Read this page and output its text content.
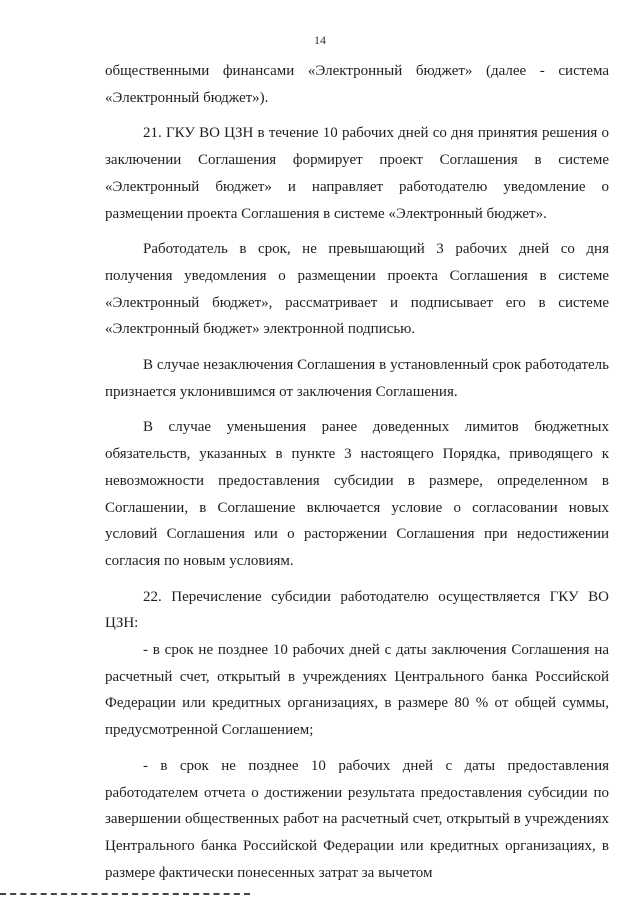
14

общественными финансами «Электронный бюджет» (далее - система «Электронный бюджет»).

21. ГКУ ВО ЦЗН в течение 10 рабочих дней со дня принятия решения о заключении Соглашения формирует проект Соглашения в системе «Электронный бюджет» и направляет работодателю уведомление о размещении проекта Соглашения в системе «Электронный бюджет».

Работодатель в срок, не превышающий 3 рабочих дней со дня получения уведомления о размещении проекта Соглашения в системе «Электронный бюджет», рассматривает и подписывает его в системе «Электронный бюджет» электронной подписью.

В случае незаключения Соглашения в установленный срок работодатель признается уклонившимся от заключения Соглашения.

В случае уменьшения ранее доведенных лимитов бюджетных обязательств, указанных в пункте 3 настоящего Порядка, приводящего к невозможности предоставления субсидии в размере, определенном в Соглашении, в Соглашение включается условие о согласовании новых условий Соглашения или о расторжении Соглашения при недостижении согласия по новым условиям.

22. Перечисление субсидии работодателю осуществляется ГКУ ВО ЦЗН:

- в срок не позднее 10 рабочих дней с даты заключения Соглашения на расчетный счет, открытый в учреждениях Центрального банка Российской Федерации или кредитных организациях, в размере 80 % от общей суммы, предусмотренной Соглашением;

- в срок не позднее 10 рабочих дней с даты предоставления работодателем отчета о достижении результата предоставления субсидии по завершении общественных работ на расчетный счет, открытый в учреждениях Центрального банка Российской Федерации или кредитных организациях, в размере фактически понесенных затрат за вычетом
